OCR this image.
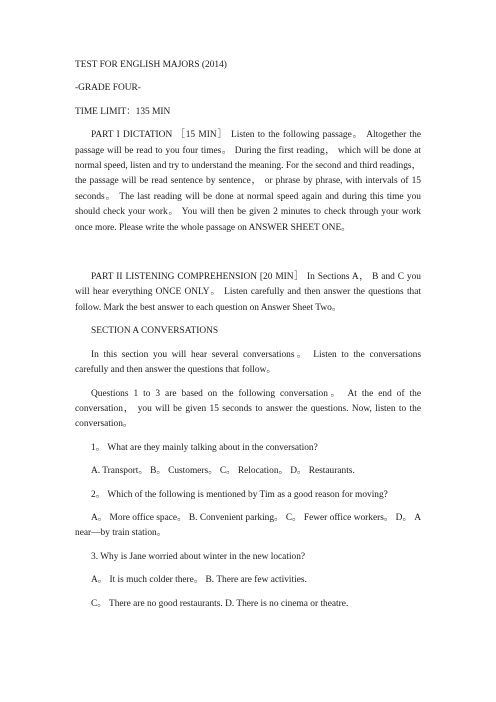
TEST FOR ENGLISH MAJORS (2014)

-GRADE FOUR-

TIME LIMIT：135 MIN

PART I DICTATION ［15 MIN］ Listen to the following passage。 Altogether the passage will be read to you four times。 During the first reading， which will be done at normal speed, listen and try to understand the meaning. For the second and third readings， the passage will be read sentence by sentence， or phrase by phrase, with intervals of 15 seconds。 The last reading will be done at normal speed again and during this time you should check your work。 You will then be given 2 minutes to check through your work once more. Please write the whole passage on ANSWER SHEET ONE。

PART II LISTENING COMPREHENSION [20 MIN］ In Sections A， B and C you will hear everything ONCE ONLY。 Listen carefully and then answer the questions that follow. Mark the best answer to each question on Answer Sheet Two。

SECTION A CONVERSATIONS

In this section you will hear several conversations。 Listen to the conversations carefully and then answer the questions that follow。

Questions 1 to 3 are based on the following conversation。 At the end of the conversation， you will be given 15 seconds to answer the questions. Now, listen to the conversation。

1。 What are they mainly talking about in the conversation?

A. Transport。 B。 Customers。 C。 Relocation。 D。 Restaurants.

2。 Which of the following is mentioned by Tim as a good reason for moving?

A。 More office space。 B. Convenient parking。 C。 Fewer office workers。 D。 A near—by train station。

3. Why is Jane worried about winter in the new location?

A。 It is much colder there。 B. There are few activities.

C。 There are no good restaurants. D. There is no cinema or theatre.
